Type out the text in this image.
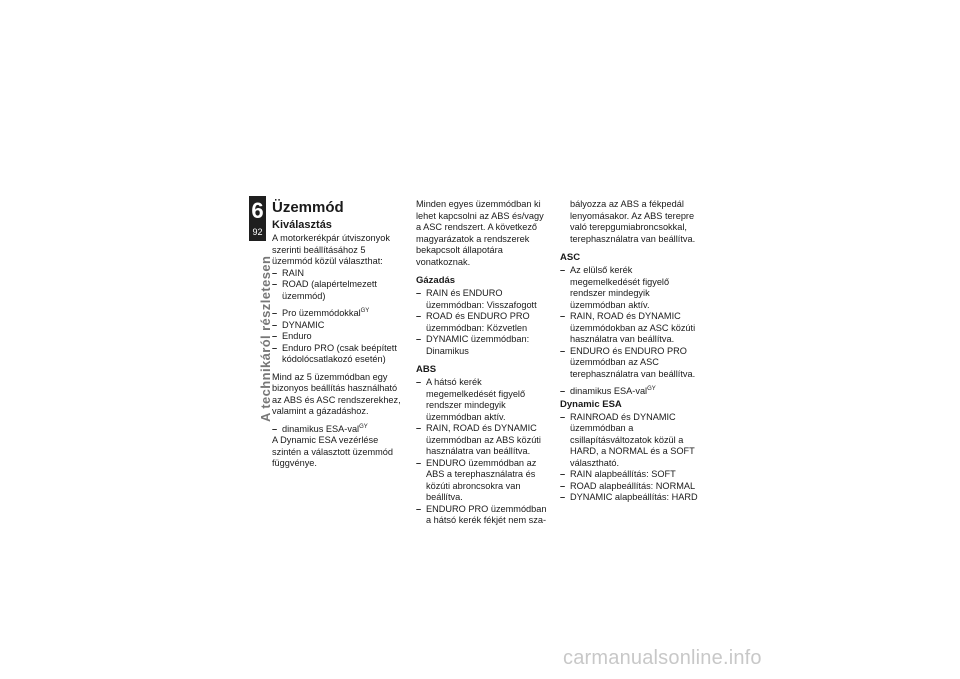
6
92
A technikáról részletesen
Üzemmód
Kiválasztás

A motorkerékpár útviszonyok szerinti beállításához 5 üzemmód közül választhat:

– RAIN
– ROAD (alapértelmezett üzemmód)
– Pro üzemmódokkal$^{GY}$
– DYNAMIC
– Enduro
– Enduro PRO (csak beépített kódolócsatlakozó esetén)

Mind az 5 üzemmódban egy bizonyos beállítás használható az ABS és ASC rendszerekhez, valamint a gázadáshoz.

– dinamikus ESA-val$^{GY}$

A Dynamic ESA vezérlése szintén a választott üzemmód függvénye.

Minden egyes üzemmódban ki lehet kapcsolni az ABS és/vagy a ASC rendszert. A következő magyarázatok a rendszerek bekapcsolt állapotára vonatkoznak.

Gázadás
– RAIN és ENDURO üzemmódban: Visszafogott
– ROAD és ENDURO PRO üzemmódban: Közvetlen
– DYNAMIC üzemmódban: Dinamikus
ABS
– A hátsó kerék megemelkedését figyelő rendszer mindegyik üzemmódban aktív.
– RAIN, ROAD és DYNAMIC üzemmódban az ABS közúti használatra van beállítva.
– ENDURO üzemmódban az ABS a terephasználatra és közúti abroncsokra van beállítva.
– ENDURO PRO üzemmódban a hátsó kerék fékjét nem sza-

bályozza az ABS a fékpedál lenyomásakor. Az ABS terepre való terepgumiabroncsokkal, terephasználatra van beállítva.

ASC
– Az elülső kerék megemelkedését figyelő rendszer mindegyik üzemmódban aktív.
– RAIN, ROAD és DYNAMIC üzemmódokban az ASC közúti használatra van beállítva.
– ENDURO és ENDURO PRO üzemmódban az ASC terephasználatra van beállítva.
– dinamikus ESA-val$^{GY}$
Dynamic ESA
– RAINROAD és DYNAMIC üzemmódban a csillapításváltozatok közül a HARD, a NORMAL és a SOFT választható.
– RAIN alapbeállítás: SOFT
– ROAD alapbeállítás: NORMAL
– DYNAMIC alapbeállítás: HARD
carmanualsonline.info
